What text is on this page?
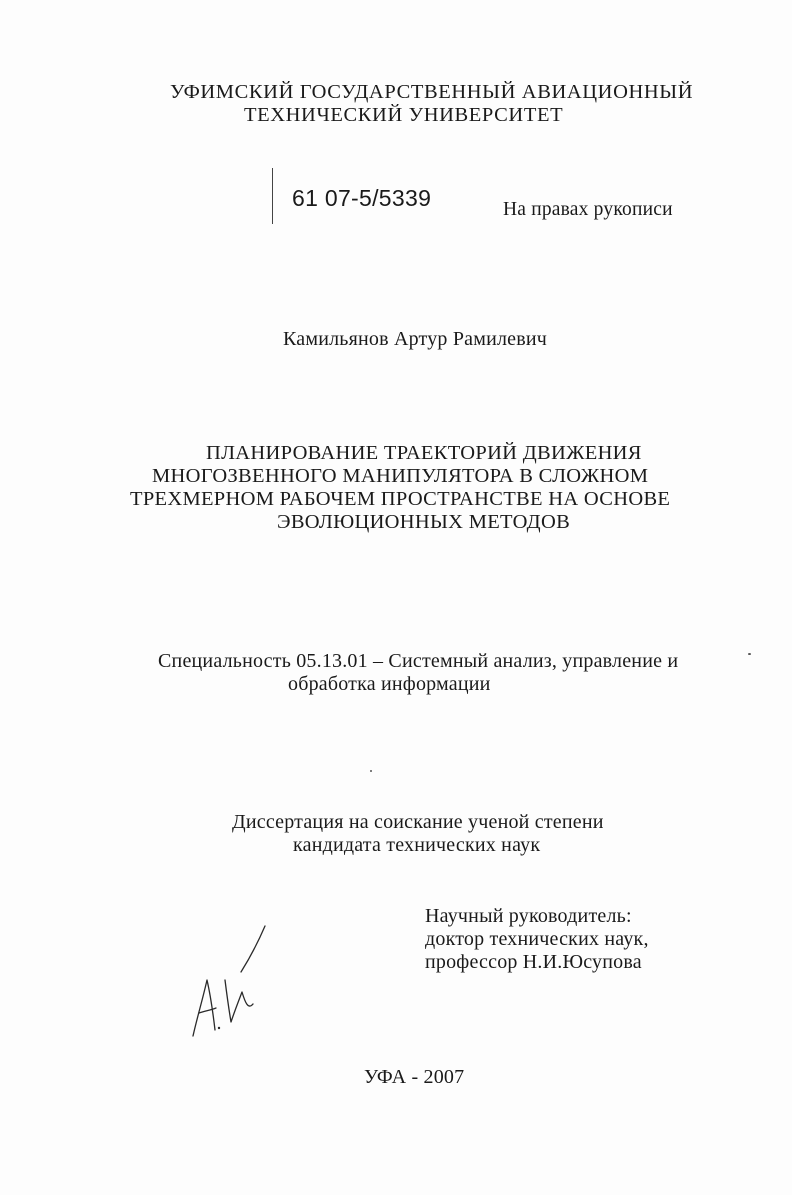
УФИМСКИЙ ГОСУДАРСТВЕННЫЙ АВИАЦИОННЫЙ
ТЕХНИЧЕСКИЙ УНИВЕРСИТЕТ
61 07-5/5339	На правах рукописи
Камильянов Артур Рамилевич
ПЛАНИРОВАНИЕ ТРАЕКТОРИЙ ДВИЖЕНИЯ
МНОГОЗВЕННОГО МАНИПУЛЯТОРА В СЛОЖНОМ
ТРЕХМЕРНОМ РАБОЧЕМ ПРОСТРАНСТВЕ НА ОСНОВЕ
ЭВОЛЮЦИОННЫХ МЕТОДОВ
Специальность 05.13.01 – Системный анализ, управление и
обработка информации
Диссертация на соискание ученой степени
кандидата технических наук
Научный руководитель:
доктор технических наук,
профессор Н.И.Юсупова
УФА - 2007
